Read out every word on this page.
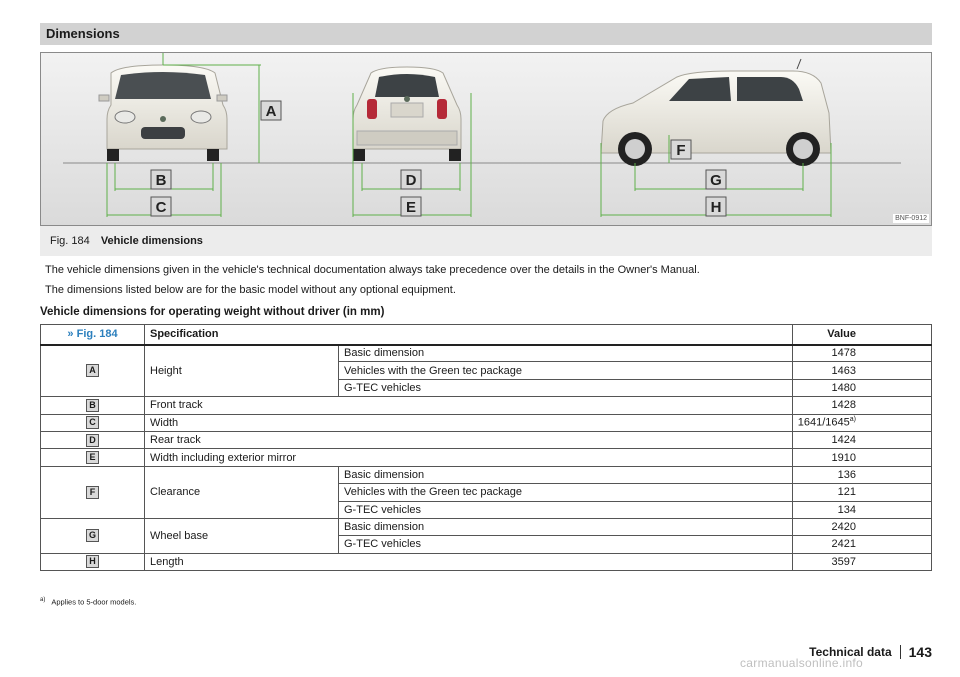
Dimensions
A
B
C
D
E
F
G
H
BNF-0912
Fig. 184 Vehicle dimensions
The vehicle dimensions given in the vehicle's technical documentation always take precedence over the details in the Owner's Manual.
The dimensions listed below are for the basic model without any optional equipment.
Vehicle dimensions for operating weight without driver (in mm)
» Fig. 184	Specification		Value
A	Height	Basic dimension	1478
		Vehicles with the Green tec package	1463
		G-TEC vehicles	1480
B	Front track		1428
C	Width		1641/1645$^{a)}$
D	Rear track		1424
E	Width including exterior mirror		1910
F	Clearance	Basic dimension	136
		Vehicles with the Green tec package	121
		G-TEC vehicles	134
G	Wheel base	Basic dimension	2420
		G-TEC vehicles	2421
H	Length		3597
$^{a)}$ Applies to 5-door models.
Technical data 143
carmanualsonline.info
